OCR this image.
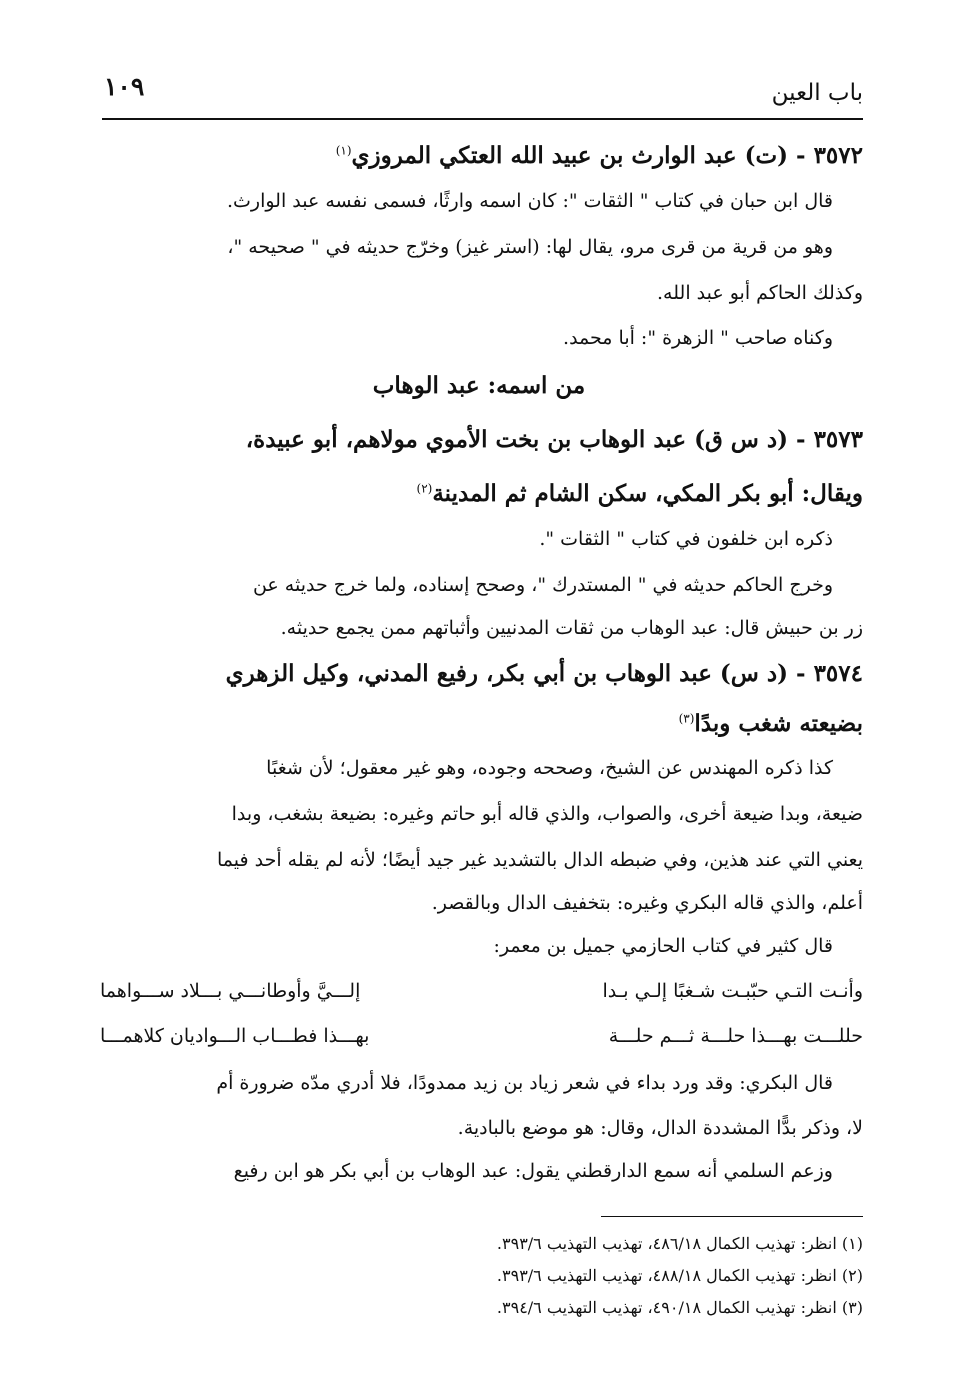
باب العين
١٠٩
٣٥٧٢ - (ت) عبد الوارث بن عبيد الله العتكي المروزي$^{(١)}$
قال ابن حبان في كتاب " الثقات ": كان اسمه وارثًا، فسمى نفسه عبد الوارث.
وهو من قرية من قرى مرو، يقال لها: (استر غيز) وخرّج حديثه في " صحيحه "،
وكذلك الحاكم أبو عبد الله.
وكناه صاحب " الزهرة ": أبا محمد.
من اسمه: عبد الوهاب
٣٥٧٣ - (د س ق) عبد الوهاب بن بخت الأموي مولاهم، أبو عبيدة،
ويقال: أبو بكر المكي، سكن الشام ثم المدينة$^{(٢)}$
ذكره ابن خلفون في كتاب " الثقات ".
وخرج الحاكم حديثه في " المستدرك "، وصحح إسناده، ولما خرج حديثه عن
زر بن حبيش قال: عبد الوهاب من ثقات المدنيين وأثباتهم ممن يجمع حديثه.
٣٥٧٤ - (د س) عبد الوهاب بن أبي بكر، رفيع المدني، وكيل الزهري
بضيعته شغب وبدًا$^{(٣)}$
كذا ذكره المهندس عن الشيخ، وصححه وجوده، وهو غير معقول؛ لأن شغبًا
ضيعة، وبدا ضيعة أخرى، والصواب، والذي قاله أبو حاتم وغيره: بضيعة بشغب، وبدا
يعني التي عند هذين، وفي ضبطه الدال بالتشديد غير جيد أيضًا؛ لأنه لم يقله أحد فيما
أعلم، والذي قاله البكري وغيره: بتخفيف الدال وبالقصر.
قال كثير في كتاب الحازمي جميل بن معمر:
وأنـت التـي حبّبـت شـغبًا إلـي بـدا
إلـــيَّ وأوطانـــي بـــلاد ســـواهما
حللـــت بهـــذا حلـــة ثـــم حلـــة
بهـــذا فطـــاب الـــواديان كلاهمـــا
قال البكري: وقد ورد بداء في شعر زياد بن زيد ممدودًا، فلا أدري مدّه ضرورة أم
لا، وذكر بدًّا المشددة الدال، وقال: هو موضع بالبادية.
وزعم السلمي أنه سمع الدارقطني يقول: عبد الوهاب بن أبي بكر هو ابن رفيع
(١) انظر: تهذيب الكمال ٤٨٦/١٨، تهذيب التهذيب ٣٩٣/٦.
(٢) انظر: تهذيب الكمال ٤٨٨/١٨، تهذيب التهذيب ٣٩٣/٦.
(٣) انظر: تهذيب الكمال ٤٩٠/١٨، تهذيب التهذيب ٣٩٤/٦.
